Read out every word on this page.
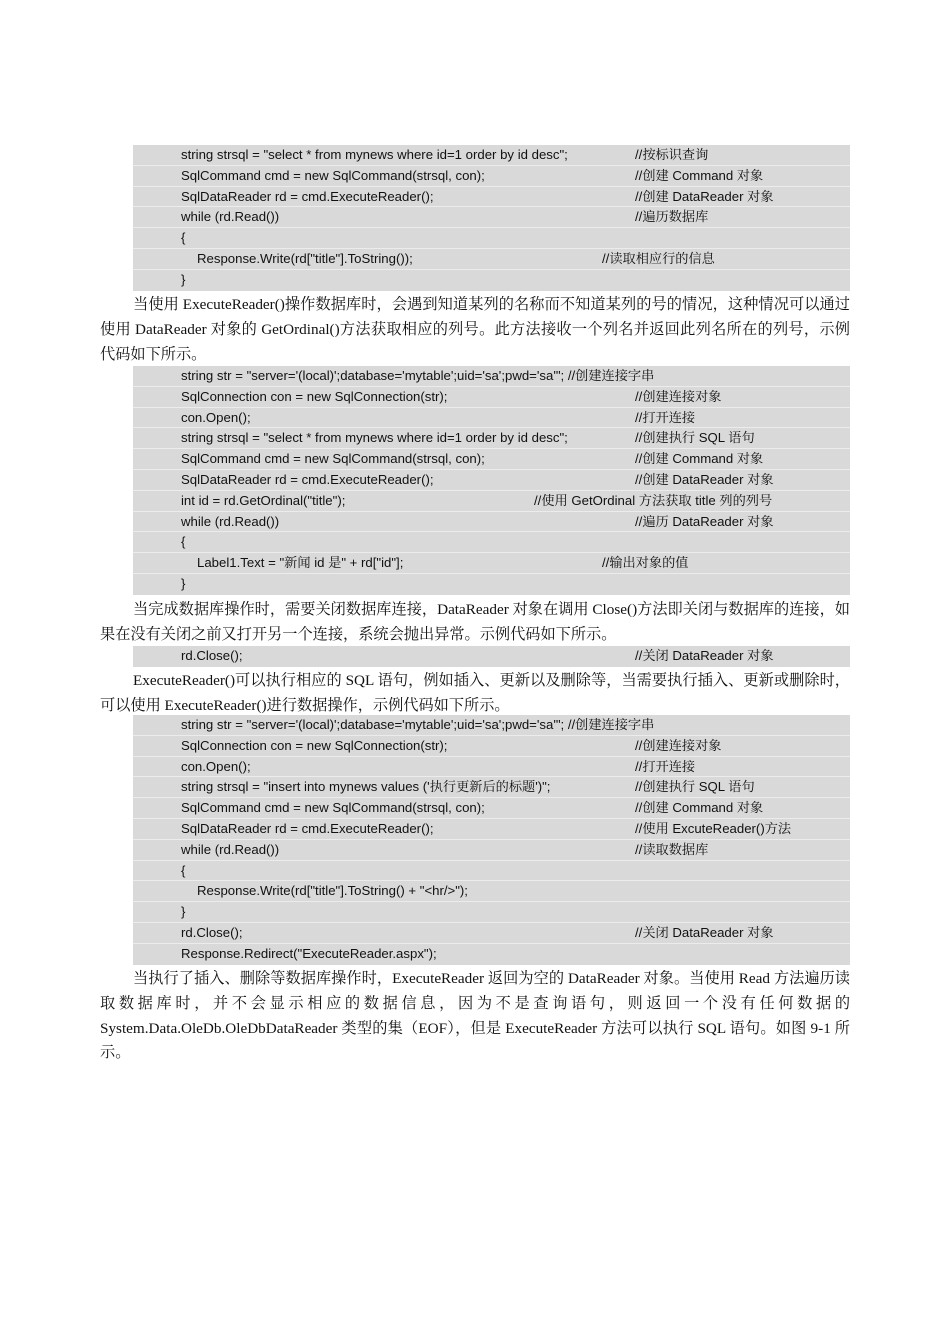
string strsql = "select * from mynews where id=1 order by id desc";	//按标识查询
SqlCommand cmd = new SqlCommand(strsql, con);	//创建 Command 对象
SqlDataReader rd = cmd.ExecuteReader();	//创建 DataReader 对象
while (rd.Read())	//遍历数据库
{
Response.Write(rd["title"].ToString());	//读取相应行的信息
}
当使用 ExecuteReader()操作数据库时，会遇到知道某列的名称而不知道某列的号的情况，这种情况可以通过使用 DataReader 对象的 GetOrdinal()方法获取相应的列号。此方法接收一个列名并返回此列名所在的列号，示例代码如下所示。
string str = "server='(local)';database='mytable';uid='sa';pwd='sa'"; //创建连接字串
SqlConnection con = new SqlConnection(str);	//创建连接对象
con.Open();	//打开连接
string strsql = "select * from mynews where id=1 order by id desc";	//创建执行 SQL 语句
SqlCommand cmd = new SqlCommand(strsql, con);	//创建 Command 对象
SqlDataReader rd = cmd.ExecuteReader();	//创建 DataReader 对象
int id = rd.GetOrdinal("title");	//使用 GetOrdinal 方法获取 title 列的列号
while (rd.Read())	//遍历 DataReader 对象
{
Label1.Text = "新闻 id 是" + rd["id"];	//输出对象的值
}
当完成数据库操作时，需要关闭数据库连接，DataReader 对象在调用 Close()方法即关闭与数据库的连接，如果在没有关闭之前又打开另一个连接，系统会抛出异常。示例代码如下所示。
rd.Close();	//关闭 DataReader 对象
ExecuteReader()可以执行相应的 SQL 语句，例如插入、更新以及删除等，当需要执行插入、更新或删除时，可以使用 ExecuteReader()进行数据操作，示例代码如下所示。
string str = "server='(local)';database='mytable';uid='sa';pwd='sa'"; //创建连接字串
SqlConnection con = new SqlConnection(str);	//创建连接对象
con.Open();	//打开连接
string strsql = "insert into mynews values ('执行更新后的标题')";	//创建执行 SQL 语句
SqlCommand cmd = new SqlCommand(strsql, con);	//创建 Command 对象
SqlDataReader rd = cmd.ExecuteReader();	//使用 ExcuteReader()方法
while (rd.Read())	//读取数据库
{
Response.Write(rd["title"].ToString() + "<hr/>");
}
rd.Close();	//关闭 DataReader 对象
Response.Redirect("ExecuteReader.aspx");
当执行了插入、删除等数据库操作时，ExecuteReader 返回为空的 DataReader 对象。当使用 Read 方法遍历读取数据库时，并不会显示相应的数据信息，因为不是查询语句，则返回一个没有任何数据的 System.Data.OleDb.OleDbDataReader 类型的集（EOF），但是 ExecuteReader 方法可以执行 SQL 语句。如图 9-1 所示。
